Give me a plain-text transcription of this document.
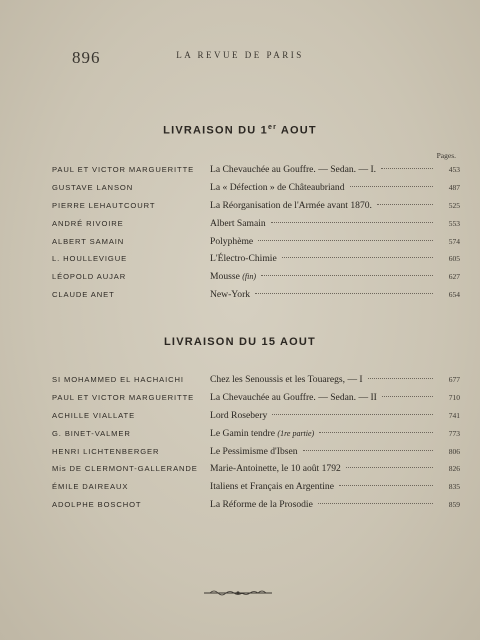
896	LA REVUE DE PARIS
LIVRAISON DU 1er AOUT
Pages.
PAUL ET VICTOR MARGUERITTE	La Chevauchée au Gouffre. — Sedan. — I.	453
GUSTAVE LANSON	La « Défection » de Châteaubriand	487
PIERRE LEHAUTCOURT	La Réorganisation de l'Armée avant 1870.	525
ANDRÉ RIVOIRE	Albert Samain	553
ALBERT SAMAIN	Polyphème	574
L. HOULLEVIGUE	L'Électro-Chimie	605
LÉOPOLD AUJAR	Mousse (fin)	627
CLAUDE ANET	New-York	654
LIVRAISON DU 15 AOUT
SI MOHAMMED EL HACHAICHI	Chez les Senoussis et les Touaregs, — I	677
PAUL ET VICTOR MARGUERITTE	La Chevauchée au Gouffre. — Sedan. — II	710
ACHILLE VIALLATE	Lord Rosebery	741
G. BINET-VALMER	Le Gamin tendre (1re partie)	773
HENRI LICHTENBERGER	Le Pessimisme d'Ibsen	806
Mis DE CLERMONT-GALLERANDE	Marie-Antoinette, le 10 août 1792	826
ÉMILE DAIREAUX	Italiens et Français en Argentine	835
ADOLPHE BOSCHOT	La Réforme de la Prosodie	859
